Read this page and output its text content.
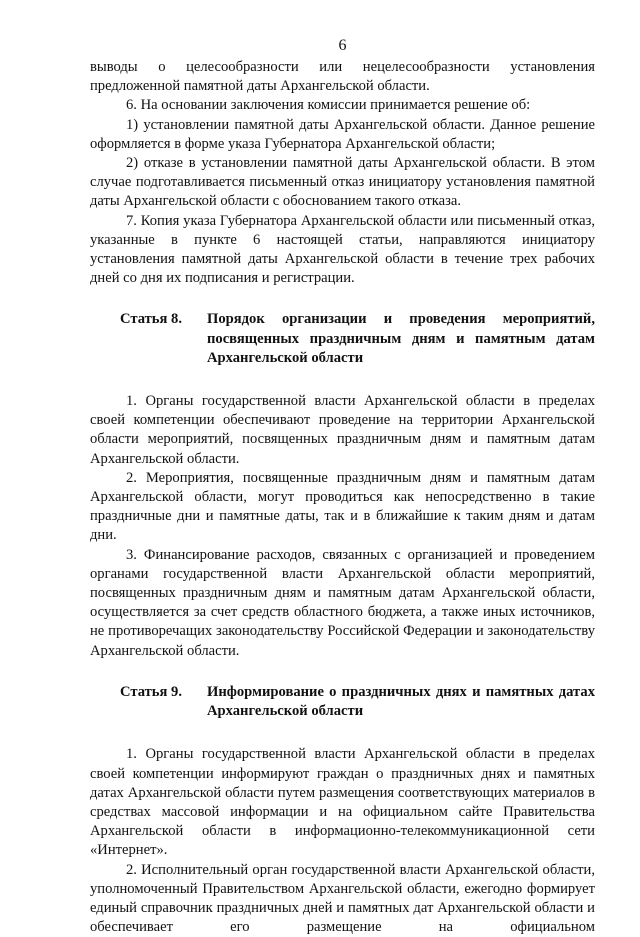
6

выводы о целесообразности или нецелесообразности установления предложенной памятной даты Архангельской области.

6. На основании заключения комиссии принимается решение об:

1) установлении памятной даты Архангельской области. Данное решение оформляется в форме указа Губернатора Архангельской области;

2) отказе в установлении памятной даты Архангельской области. В этом случае подготавливается письменный отказ инициатору установления памятной даты Архангельской области с обоснованием такого отказа.

7. Копия указа Губернатора Архангельской области или письменный отказ, указанные в пункте 6 настоящей статьи, направляются инициатору установления памятной даты Архангельской области в течение трех рабочих дней со дня их подписания и регистрации.

Статья 8.	Порядок организации и проведения мероприятий, посвященных праздничным дням и памятным датам Архангельской области

1. Органы государственной власти Архангельской области в пределах своей компетенции обеспечивают проведение на территории Архангельской области мероприятий, посвященных праздничным дням и памятным датам Архангельской области.

2. Мероприятия, посвященные праздничным дням и памятным датам Архангельской области, могут проводиться как непосредственно в такие праздничные дни и памятные даты, так и в ближайшие к таким дням и датам дни.

3. Финансирование расходов, связанных с организацией и проведением органами государственной власти Архангельской области мероприятий, посвященных праздничным дням и памятным датам Архангельской области, осуществляется за счет средств областного бюджета, а также иных источников, не противоречащих законодательству Российской Федерации и законодательству Архангельской области.

Статья 9.	Информирование о праздничных днях и памятных датах Архангельской области

1. Органы государственной власти Архангельской области в пределах своей компетенции информируют граждан о праздничных днях и памятных датах Архангельской области путем размещения соответствующих материалов в средствах массовой информации и на официальном сайте Правительства Архангельской области в информационно-телекоммуникационной сети «Интернет».

2. Исполнительный орган государственной власти Архангельской области, уполномоченный Правительством Архангельской области, ежегодно формирует единый справочник праздничных дней и памятных дат Архангельской области и обеспечивает его размещение на официальном
